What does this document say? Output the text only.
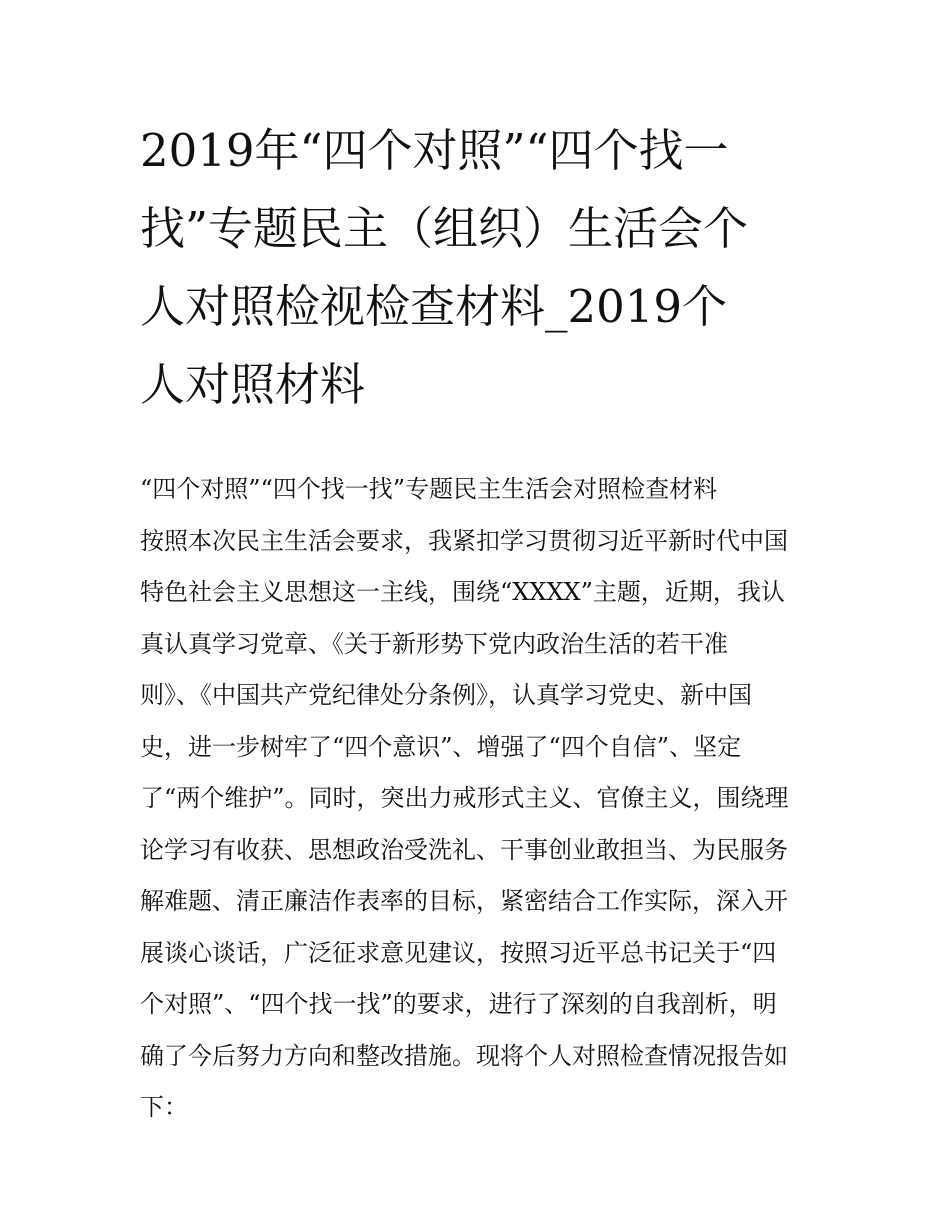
2019年“四个对照”“四个找一
找”专题民主（组织）生活会个
人对照检视检查材料_2019个
人对照材料
“四个对照”“四个找一找”专题民主生活会对照检查材料
按照本次民主生活会要求，我紧扣学习贯彻习近平新时代中国
特色社会主义思想这一主线，围绕“XXXX”主题，近期，我认
真认真学习党章、《关于新形势下党内政治生活的若干准
则》、《中国共产党纪律处分条例》，认真学习党史、新中国
史，进一步树牢了“四个意识”、增强了“四个自信”、坚定
了“两个维护”。同时，突出力戒形式主义、官僚主义，围绕理
论学习有收获、思想政治受洗礼、干事创业敢担当、为民服务
解难题、清正廉洁作表率的目标，紧密结合工作实际，深入开
展谈心谈话，广泛征求意见建议，按照习近平总书记关于“四
个对照”、“四个找一找”的要求，进行了深刻的自我剖析，明
确了今后努力方向和整改措施。现将个人对照检查情况报告如
下：
